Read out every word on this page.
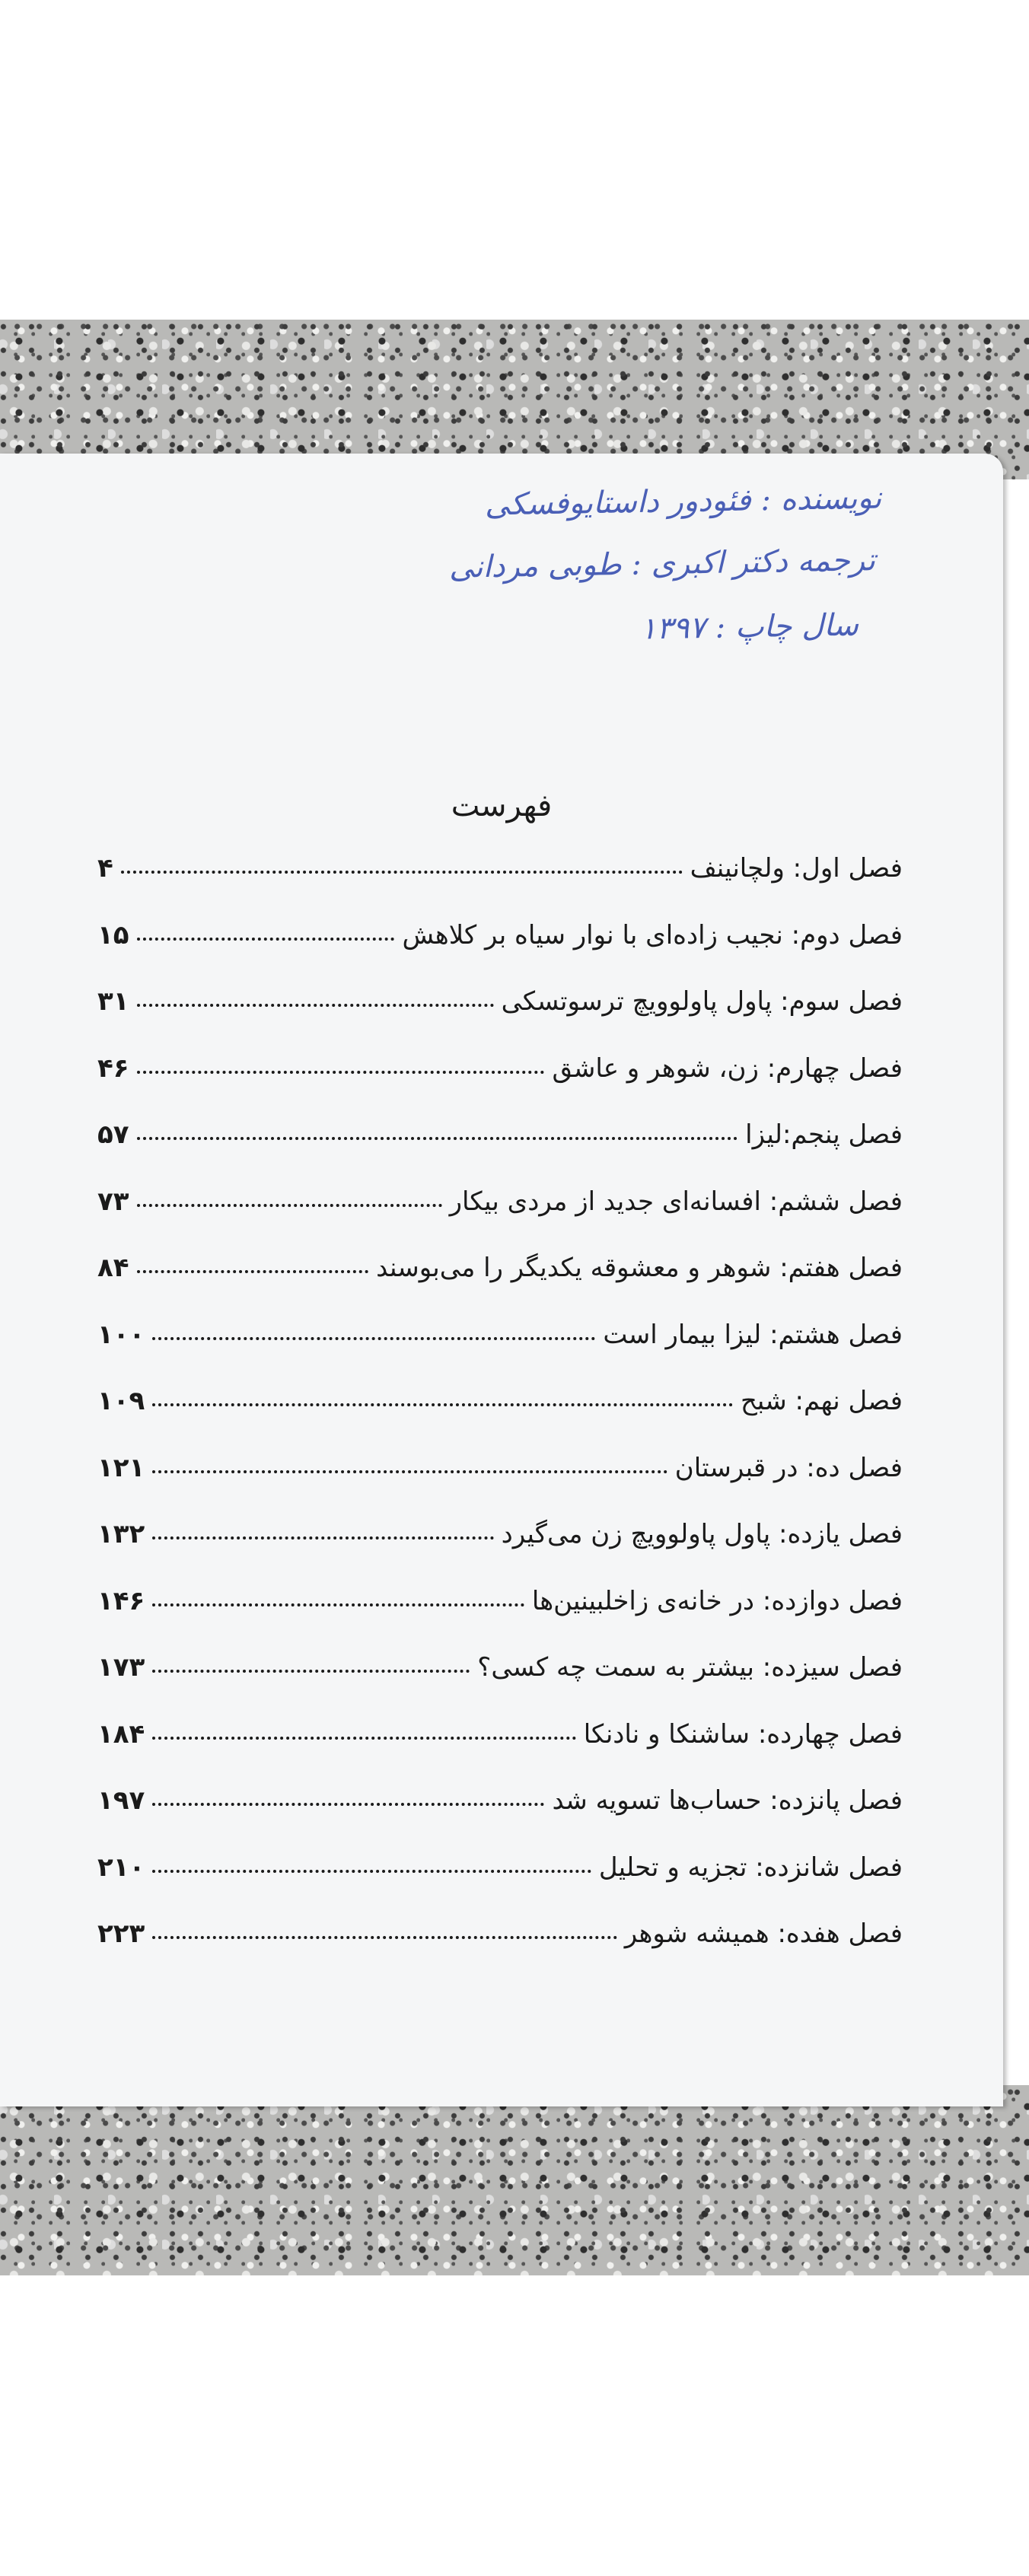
نویسنده : فئودور داستایوفسکی
ترجمه دکتر اکبری : طوبی مردانی
سال چاپ : ۱۳۹۷
فهرست
فصل اول: ولچانینف
۴
فصل دوم: نجیب زاده‌ای با نوار سیاه بر کلاهش
۱۵
فصل سوم: پاول پاولوویچ ترسوتسکی
۳۱
فصل چهارم: زن، شوهر و عاشق
۴۶
فصل پنجم:لیزا
۵۷
فصل ششم: افسانه‌ای جدید از مردی بیکار
۷۳
فصل هفتم: شوهر و معشوقه یکدیگر را می‌بوسند
۸۴
فصل هشتم: لیزا بیمار است
۱۰۰
فصل نهم: شبح
۱۰۹
فصل ده: در قبرستان
۱۲۱
فصل یازده: پاول پاولوویچ زن می‌گیرد
۱۳۲
فصل دوازده: در خانه‌ی زاخلبینین‌ها
۱۴۶
فصل سیزده: بیشتر به سمت چه کسی؟
۱۷۳
فصل چهارده: ساشنکا و نادنکا
۱۸۴
فصل پانزده: حساب‌ها تسویه شد
۱۹۷
فصل شانزده: تجزیه و تحلیل
۲۱۰
فصل هفده: همیشه شوهر
۲۲۳
